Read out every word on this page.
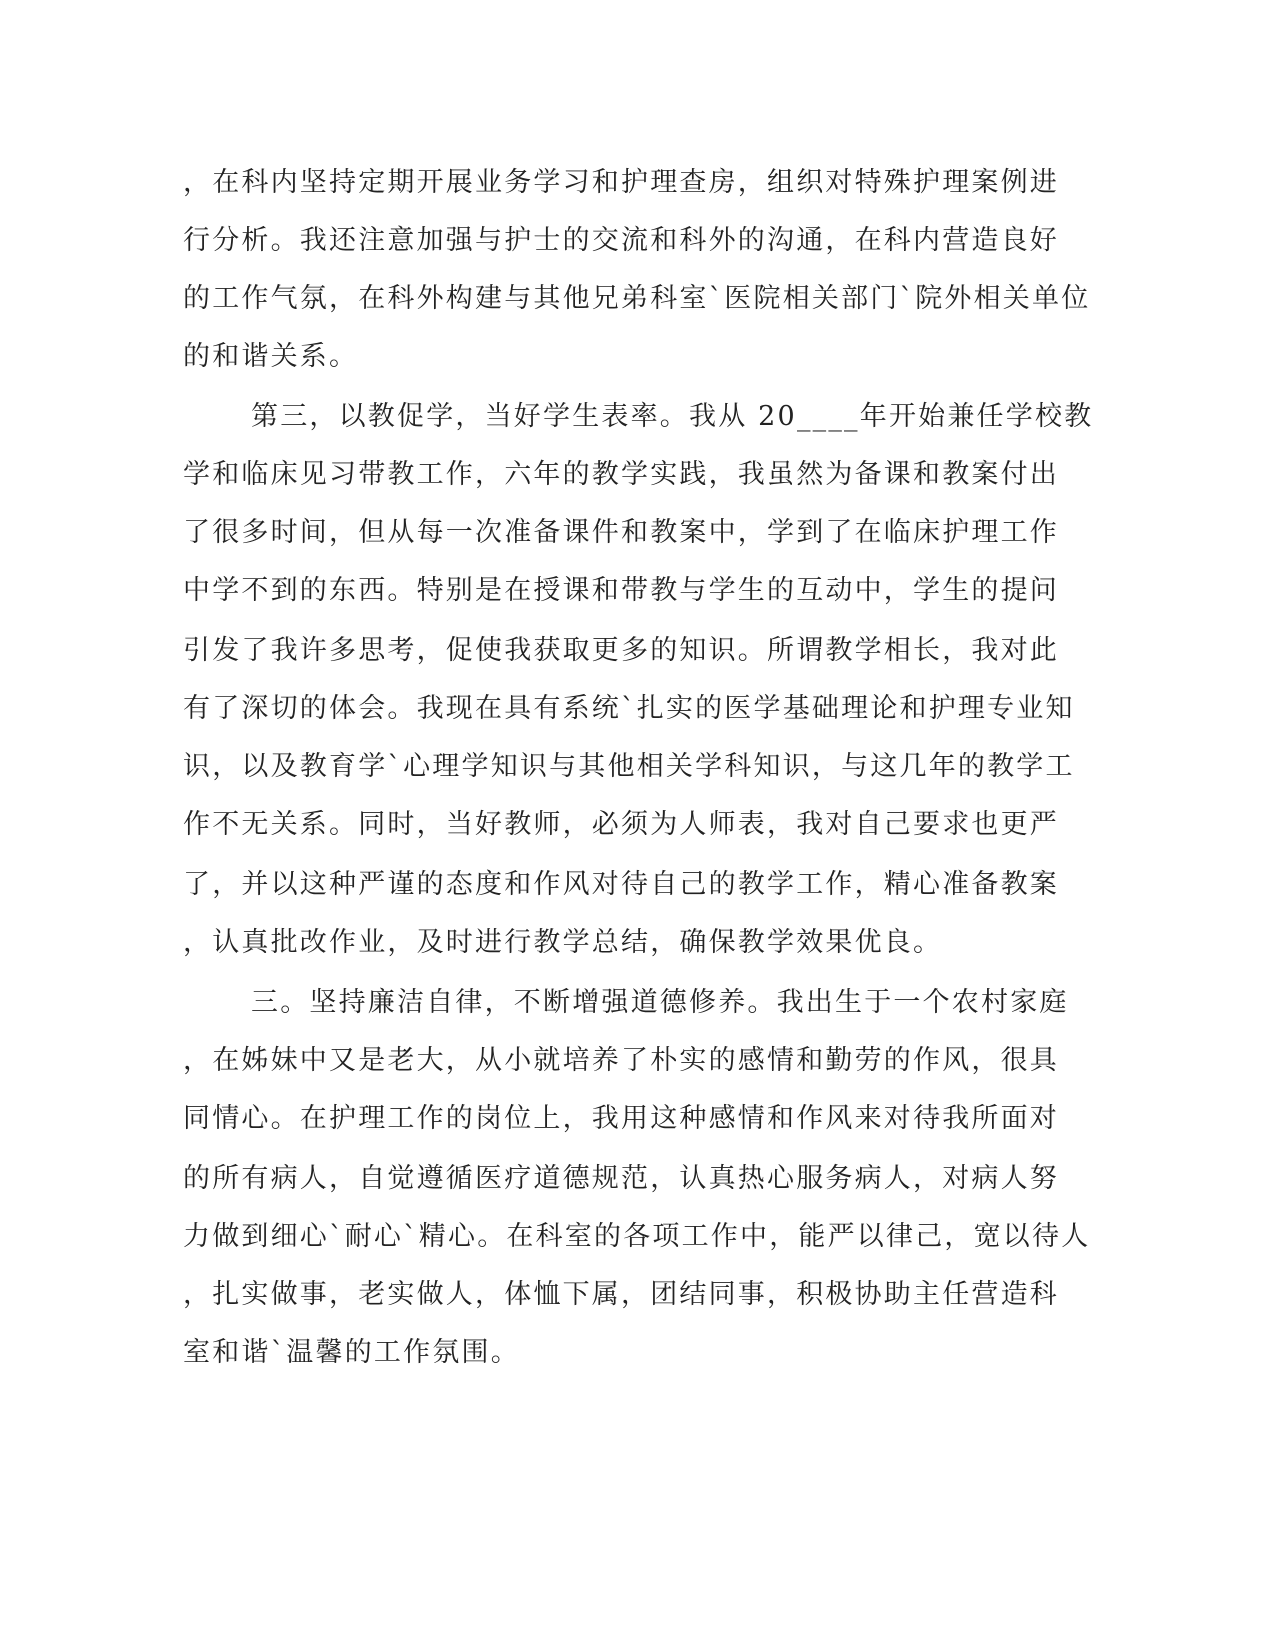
，在科内坚持定期开展业务学习和护理查房，组织对特殊护理案例进
行分析。我还注意加强与护士的交流和科外的沟通，在科内营造良好
的工作气氛，在科外构建与其他兄弟科室`医院相关部门`院外相关单位
的和谐关系。
第三，以教促学，当好学生表率。我从 20____年开始兼任学校教
学和临床见习带教工作，六年的教学实践，我虽然为备课和教案付出
了很多时间，但从每一次准备课件和教案中，学到了在临床护理工作
中学不到的东西。特别是在授课和带教与学生的互动中，学生的提问
引发了我许多思考，促使我获取更多的知识。所谓教学相长，我对此
有了深切的体会。我现在具有系统`扎实的医学基础理论和护理专业知
识，以及教育学`心理学知识与其他相关学科知识，与这几年的教学工
作不无关系。同时，当好教师，必须为人师表，我对自己要求也更严
了，并以这种严谨的态度和作风对待自己的教学工作，精心准备教案
，认真批改作业，及时进行教学总结，确保教学效果优良。
三。坚持廉洁自律，不断增强道德修养。我出生于一个农村家庭
，在姊妹中又是老大，从小就培养了朴实的感情和勤劳的作风，很具
同情心。在护理工作的岗位上，我用这种感情和作风来对待我所面对
的所有病人，自觉遵循医疗道德规范，认真热心服务病人，对病人努
力做到细心`耐心`精心。在科室的各项工作中，能严以律己，宽以待人
，扎实做事，老实做人，体恤下属，团结同事，积极协助主任营造科
室和谐`温馨的工作氛围。
